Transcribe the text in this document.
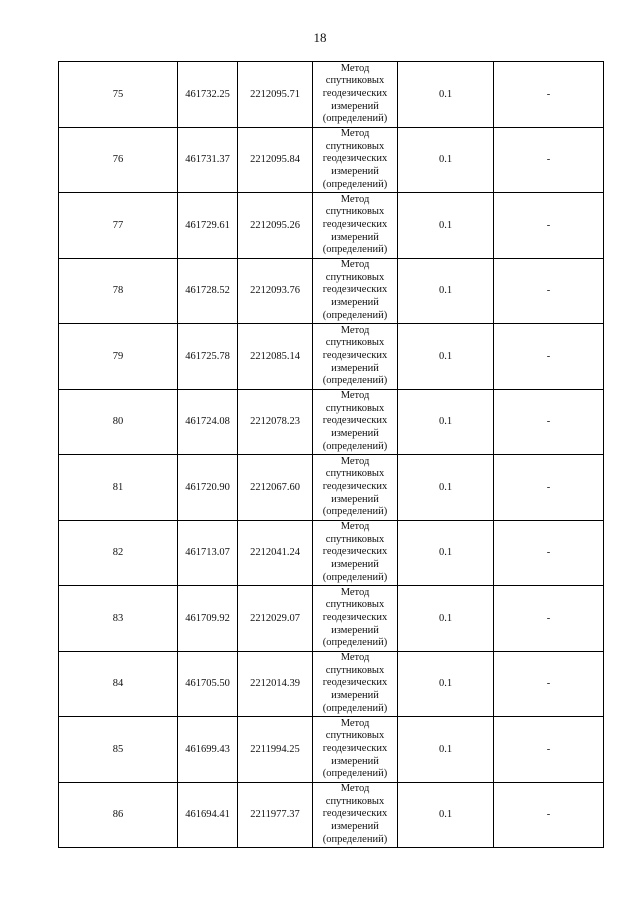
18
75	461732.25	2212095.71	Метод
спутниковых
геодезических
измерений
(определений)	0.1	-
76	461731.37	2212095.84	Метод
спутниковых
геодезических
измерений
(определений)	0.1	-
77	461729.61	2212095.26	Метод
спутниковых
геодезических
измерений
(определений)	0.1	-
78	461728.52	2212093.76	Метод
спутниковых
геодезических
измерений
(определений)	0.1	-
79	461725.78	2212085.14	Метод
спутниковых
геодезических
измерений
(определений)	0.1	-
80	461724.08	2212078.23	Метод
спутниковых
геодезических
измерений
(определений)	0.1	-
81	461720.90	2212067.60	Метод
спутниковых
геодезических
измерений
(определений)	0.1	-
82	461713.07	2212041.24	Метод
спутниковых
геодезических
измерений
(определений)	0.1	-
83	461709.92	2212029.07	Метод
спутниковых
геодезических
измерений
(определений)	0.1	-
84	461705.50	2212014.39	Метод
спутниковых
геодезических
измерений
(определений)	0.1	-
85	461699.43	2211994.25	Метод
спутниковых
геодезических
измерений
(определений)	0.1	-
86	461694.41	2211977.37	Метод
спутниковых
геодезических
измерений
(определений)	0.1	-
